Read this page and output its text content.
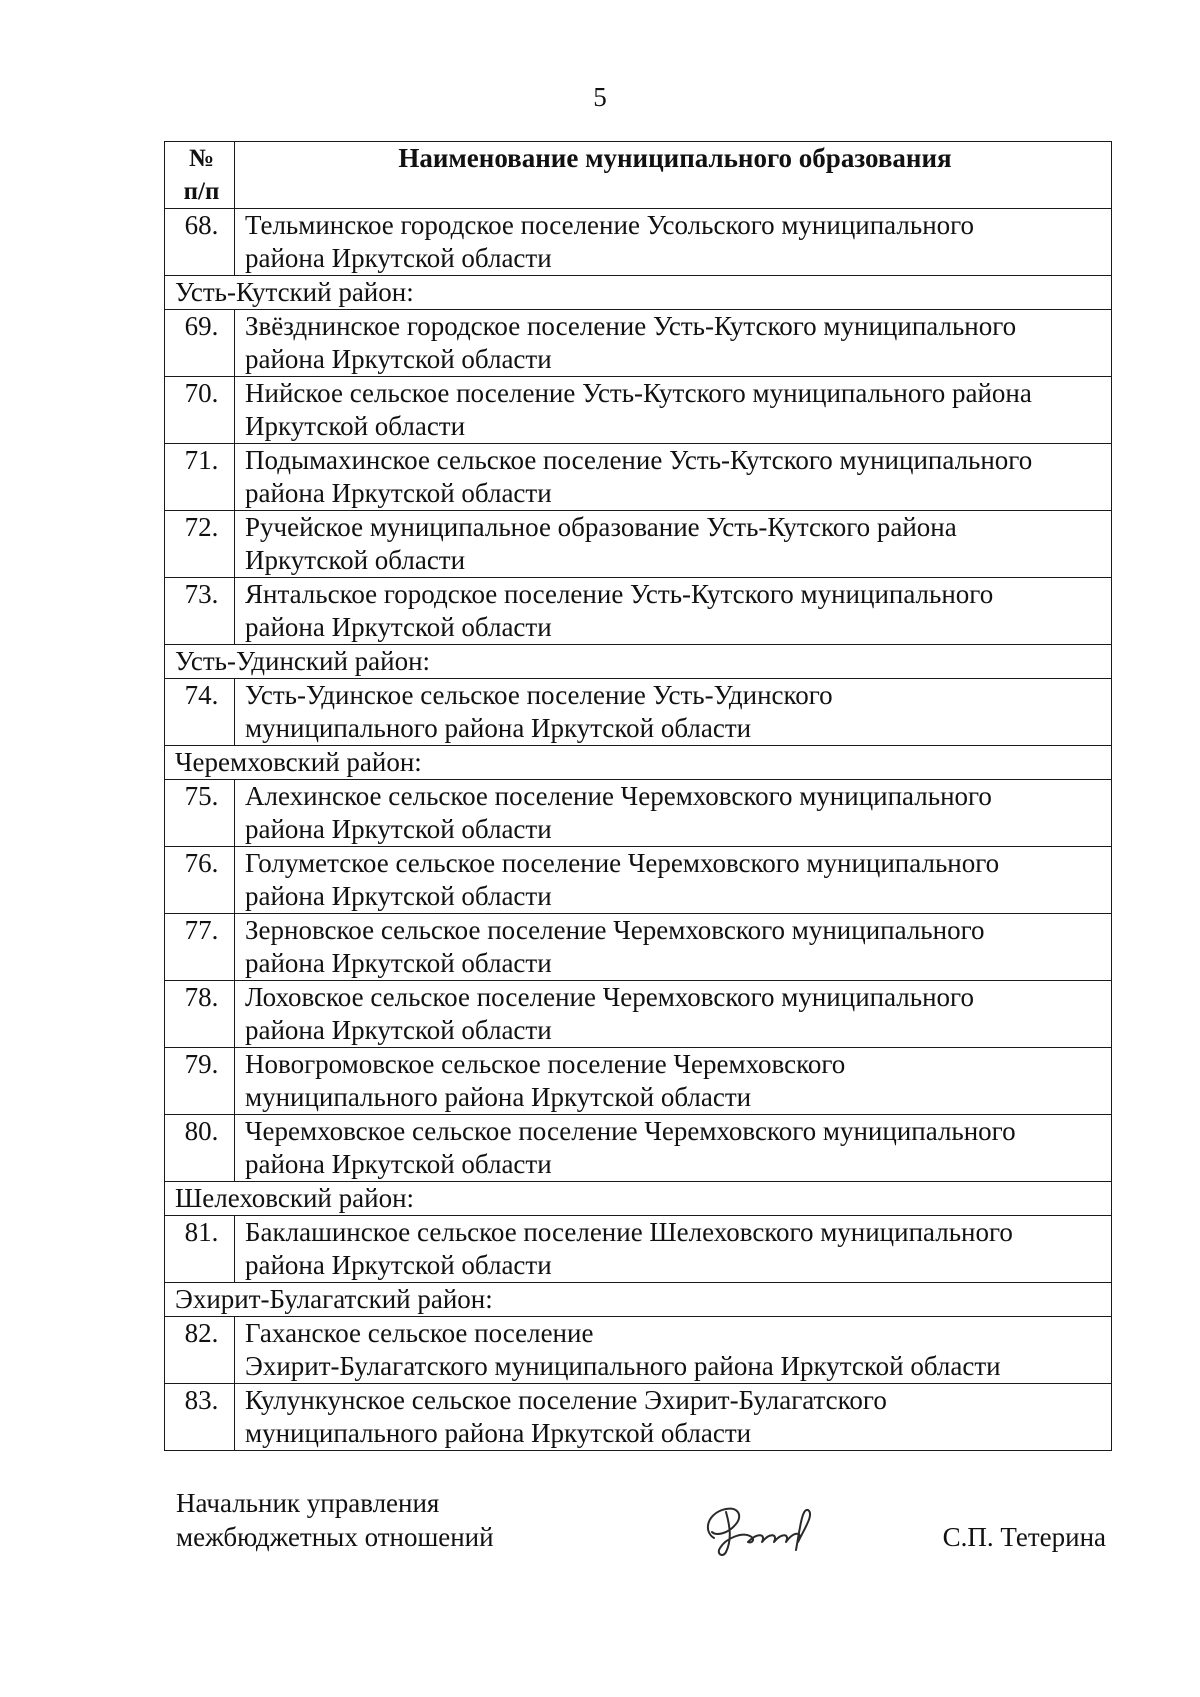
5
№
п/п	Наименование муниципального образования
68.	Тельминское городское поселение Усольского муниципального
района Иркутской области

Усть-Кутский район:	
69.	Звёзднинское городское поселение Усть-Кутского муниципального
района Иркутской области

70.	Нийское сельское поселение Усть-Кутского муниципального района
Иркутской области

71.	Подымахинское сельское поселение Усть-Кутского муниципального
района Иркутской области

72.	Ручейское муниципальное образование Усть-Кутского района
Иркутской области

73.	Янтальское городское поселение Усть-Кутского муниципального
района Иркутской области

Усть-Удинский район:	
74.	Усть-Удинское сельское поселение Усть-Удинского
муниципального района Иркутской области

Черемховский район:	
75.	Алехинское сельское поселение Черемховского муниципального
района Иркутской области

76.	Голуметское сельское поселение Черемховского муниципального
района Иркутской области

77.	Зерновское сельское поселение Черемховского муниципального
района Иркутской области

78.	Лоховское сельское поселение Черемховского муниципального
района Иркутской области

79.	Новогромовское сельское поселение Черемховского
муниципального района Иркутской области

80.	Черемховское сельское поселение Черемховского муниципального
района Иркутской области

Шелеховский район:	
81.	Баклашинское сельское поселение Шелеховского муниципального
района Иркутской области

Эхирит-Булагатский район:	
82.	Гаханское сельское поселение
Эхирит-Булагатского муниципального района Иркутской области

83.	Кулункунское сельское поселение Эхирит-Булагатского
муниципального района Иркутской области
Начальник управления
межбюджетных отношений	С.П. Тетерина
